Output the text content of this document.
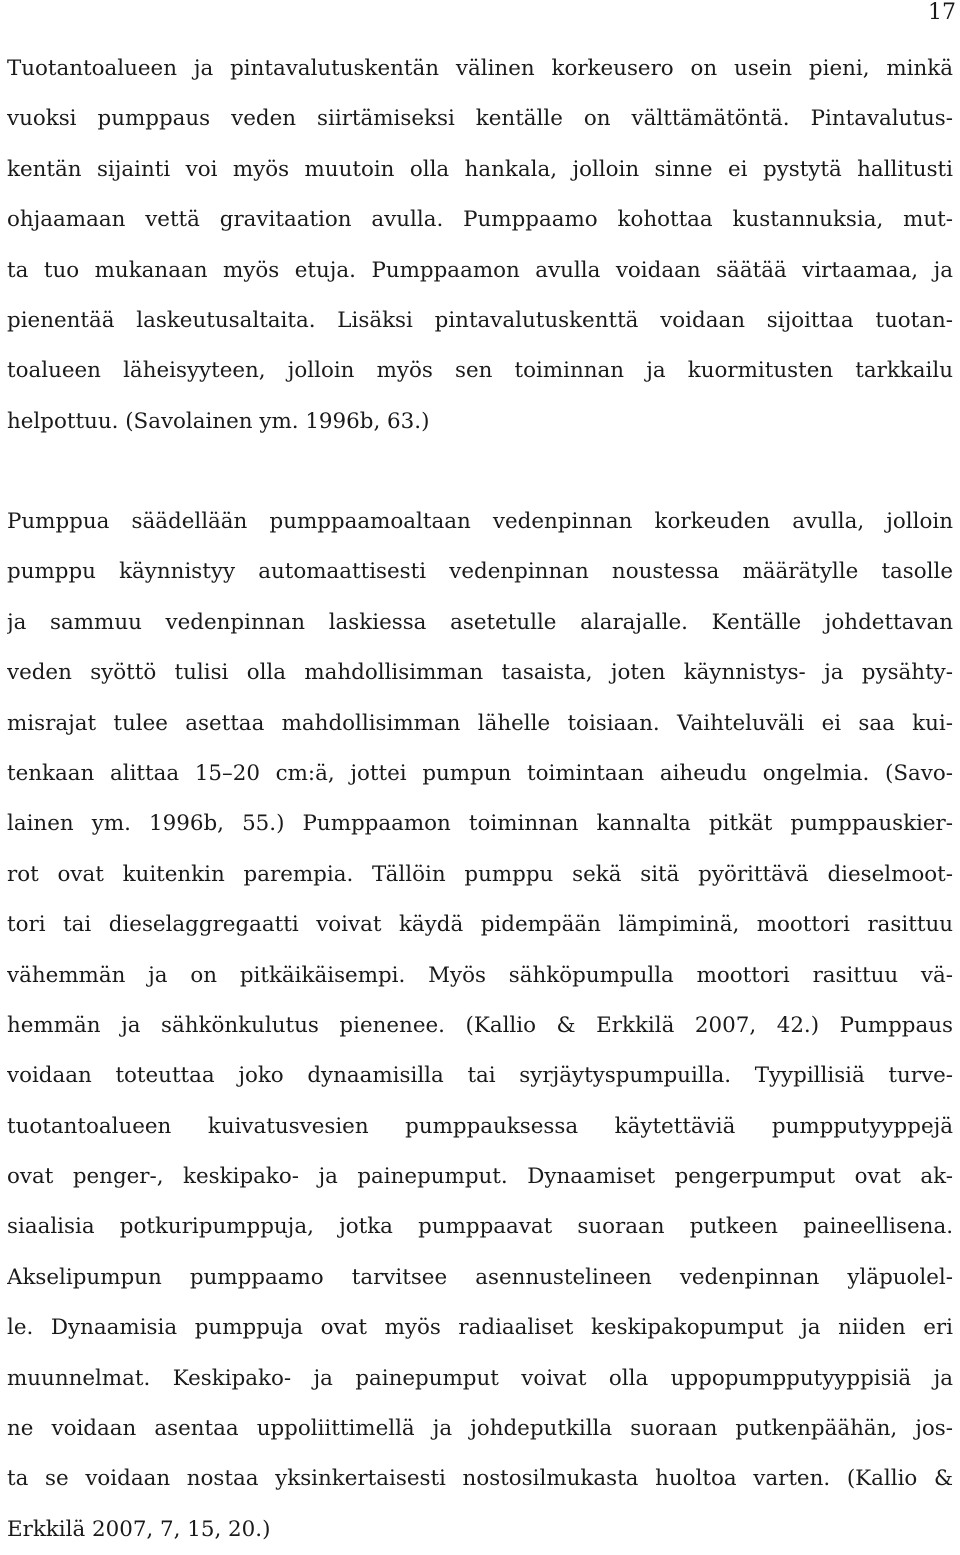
17
Tuotantoalueen ja pintavalutuskentän välinen korkeusero on usein pieni, minkä
vuoksi pumppaus veden siirtämiseksi kentälle on välttämätöntä. Pintavalutus-
kentän sijainti voi myös muutoin olla hankala, jolloin sinne ei pystytä hallitusti
ohjaamaan vettä gravitaation avulla. Pumppaamo kohottaa kustannuksia, mut-
ta tuo mukanaan myös etuja. Pumppaamon avulla voidaan säätää virtaamaa, ja
pienentää laskeutusaltaita. Lisäksi pintavalutuskenttä voidaan sijoittaa tuotan-
toalueen läheisyyteen, jolloin myös sen toiminnan ja kuormitusten tarkkailu
helpottuu. (Savolainen ym. 1996b, 63.)
Pumppua säädellään pumppaamoaltaan vedenpinnan korkeuden avulla, jolloin
pumppu käynnistyy automaattisesti vedenpinnan noustessa määrätylle tasolle
ja sammuu vedenpinnan laskiessa asetetulle alarajalle. Kentälle johdettavan
veden syöttö tulisi olla mahdollisimman tasaista, joten käynnistys- ja pysähty-
misrajat tulee asettaa mahdollisimman lähelle toisiaan. Vaihteluväli ei saa kui-
tenkaan alittaa 15–20 cm:ä, jottei pumpun toimintaan aiheudu ongelmia. (Savo-
lainen ym. 1996b, 55.) Pumppaamon toiminnan kannalta pitkät pumppauskier-
rot ovat kuitenkin parempia. Tällöin pumppu sekä sitä pyörittävä dieselmoot-
tori tai dieselaggregaatti voivat käydä pidempään lämpiminä, moottori rasittuu
vähemmän ja on pitkäikäisempi. Myös sähköpumpulla moottori rasittuu vä-
hemmän ja sähkönkulutus pienenee. (Kallio & Erkkilä 2007, 42.) Pumppaus
voidaan toteuttaa joko dynaamisilla tai syrjäytyspumpuilla. Tyypillisiä turve-
tuotantoalueen kuivatusvesien pumppauksessa käytettäviä pumpputyyppejä
ovat penger-, keskipako- ja painepumput. Dynaamiset pengerpumput ovat ak-
siaalisia potkuripumppuja, jotka pumppaavat suoraan putkeen paineellisena.
Akselipumpun pumppaamo tarvitsee asennustelineen vedenpinnan yläpuolel-
le. Dynaamisia pumppuja ovat myös radiaaliset keskipakopumput ja niiden eri
muunnelmat. Keskipako- ja painepumput voivat olla uppopumpputyyppisiä ja
ne voidaan asentaa uppoliittimellä ja johdeputkilla suoraan putkenpäähän, jos-
ta se voidaan nostaa yksinkertaisesti nostosilmukasta huoltoa varten. (Kallio &
Erkkilä 2007, 7, 15, 20.)
